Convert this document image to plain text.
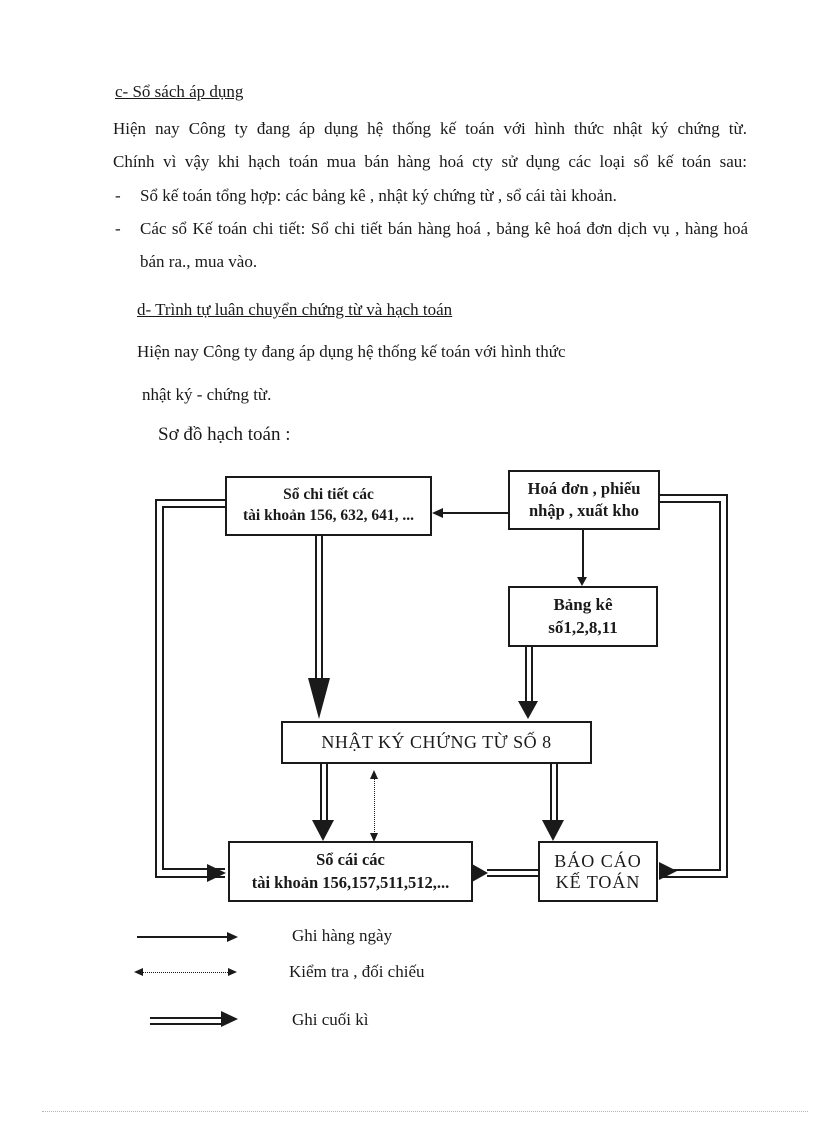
c- Sổ sách áp dụng
Hiện nay Công ty đang áp dụng hệ thống kế toán với hình thức nhật ký chứng từ.
Chính vì vậy khi hạch toán mua bán hàng hoá cty sử dụng các loại sổ kế toán sau:
- Sổ kế toán tổng hợp: các bảng kê , nhật ký chứng từ , sổ cái tài khoản.
- Các sổ Kế toán chi tiết: Sổ chi tiết bán hàng hoá , bảng kê hoá đơn dịch vụ , hàng hoá bán ra., mua vào.
d- Trình tự luân chuyển chứng từ và hạch toán
Hiện nay Công ty đang áp dụng hệ thống kế toán với hình thức
nhật ký - chứng từ.
Sơ đồ hạch toán :
Sổ chi tiết các
tài khoản 156, 632, 641, ...
Hoá đơn , phiếu
nhập , xuất kho
Bảng kê
số1,2,8,11
NHẬT KÝ CHỨNG TỪ SỐ 8
Sổ cái các
tài khoản 156,157,511,512,...
BÁO CÁO
KẾ TOÁN
Ghi hàng ngày
Kiểm tra , đối chiếu
Ghi cuối kì
